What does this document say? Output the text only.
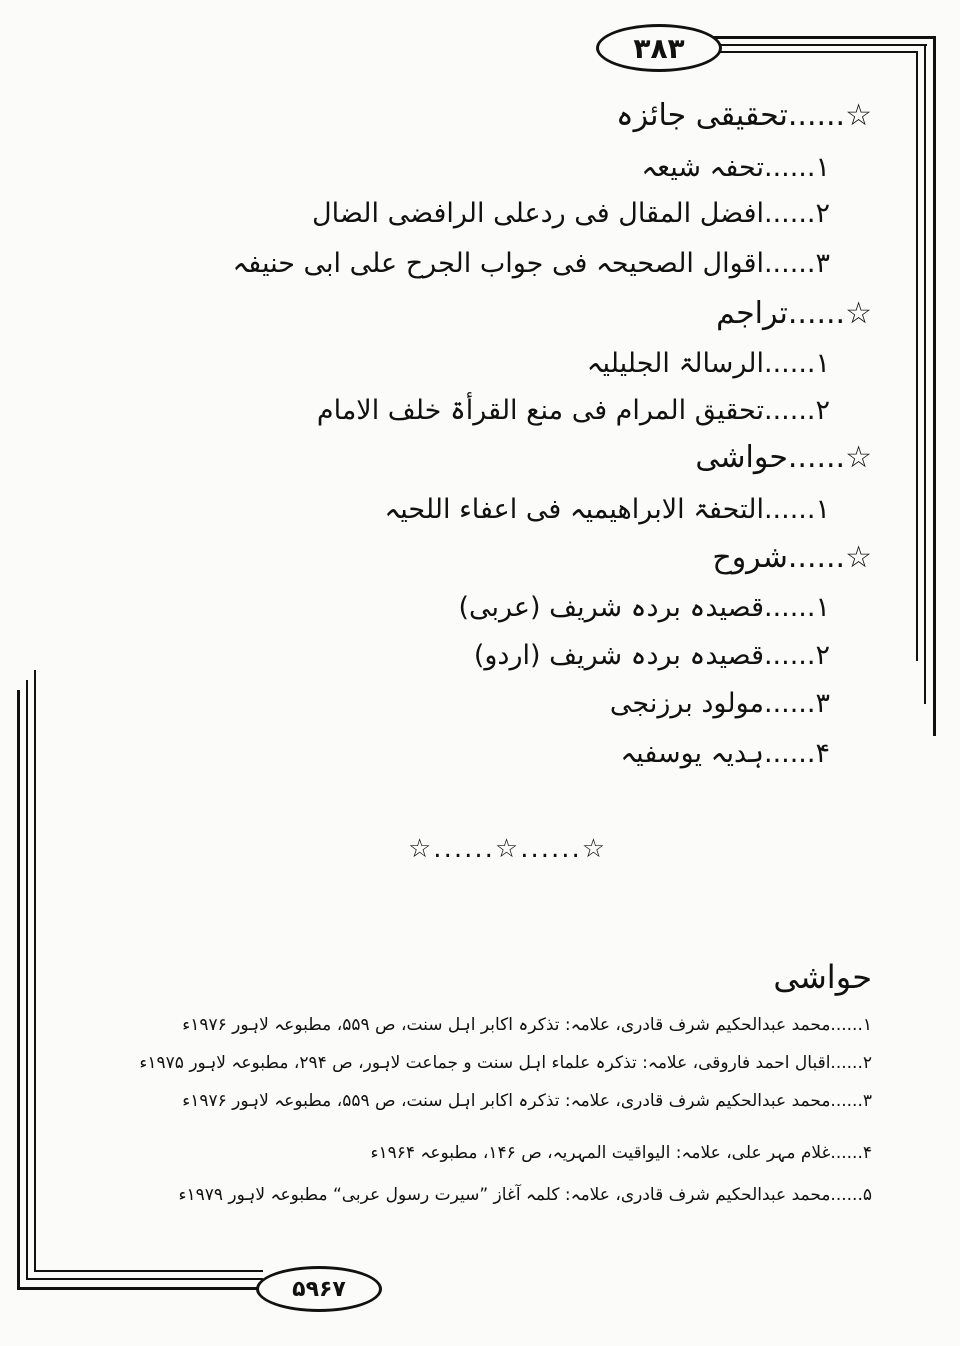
۳۸۳
۵۹۶۷
☆......تحقیقی جائزہ
۱......تحفہ شیعہ
۲......افضل المقال فی ردعلی الرافضی الضال
۳......اقوال الصحیحہ فی جواب الجرح علی ابی حنیفہ
☆......تراجم
۱......الرسالۃ الجلیلیہ
۲......تحقیق المرام فی منع القرأۃ خلف الامام
☆......حواشی
۱......التحفۃ الابراھیمیہ فی اعفاء اللحیہ
☆......شروح
۱......قصیدہ بردہ شریف (عربی)
۲......قصیدہ بردہ شریف (اردو)
۳......مولود برزنجی
۴......ہدیہ یوسفیہ
☆......☆......☆
حواشی
۱......محمد عبدالحکیم شرف قادری، علامہ: تذکرہ اکابر اہل سنت، ص ۵۵۹، مطبوعہ لاہور ۱۹۷۶ء
۲......اقبال احمد فاروقی، علامہ: تذکرہ علماء اہل سنت و جماعت لاہور، ص ۲۹۴، مطبوعہ لاہور ۱۹۷۵ء
۳......محمد عبدالحکیم شرف قادری، علامہ: تذکرہ اکابر اہل سنت، ص ۵۵۹، مطبوعہ لاہور ۱۹۷۶ء
۴......غلام مہر علی، علامہ: الیواقیت المہریہ، ص ۱۴۶، مطبوعہ ۱۹۶۴ء
۵......محمد عبدالحکیم شرف قادری، علامہ: کلمہ آغاز ”سیرت رسول عربی“ مطبوعہ لاہور ۱۹۷۹ء
